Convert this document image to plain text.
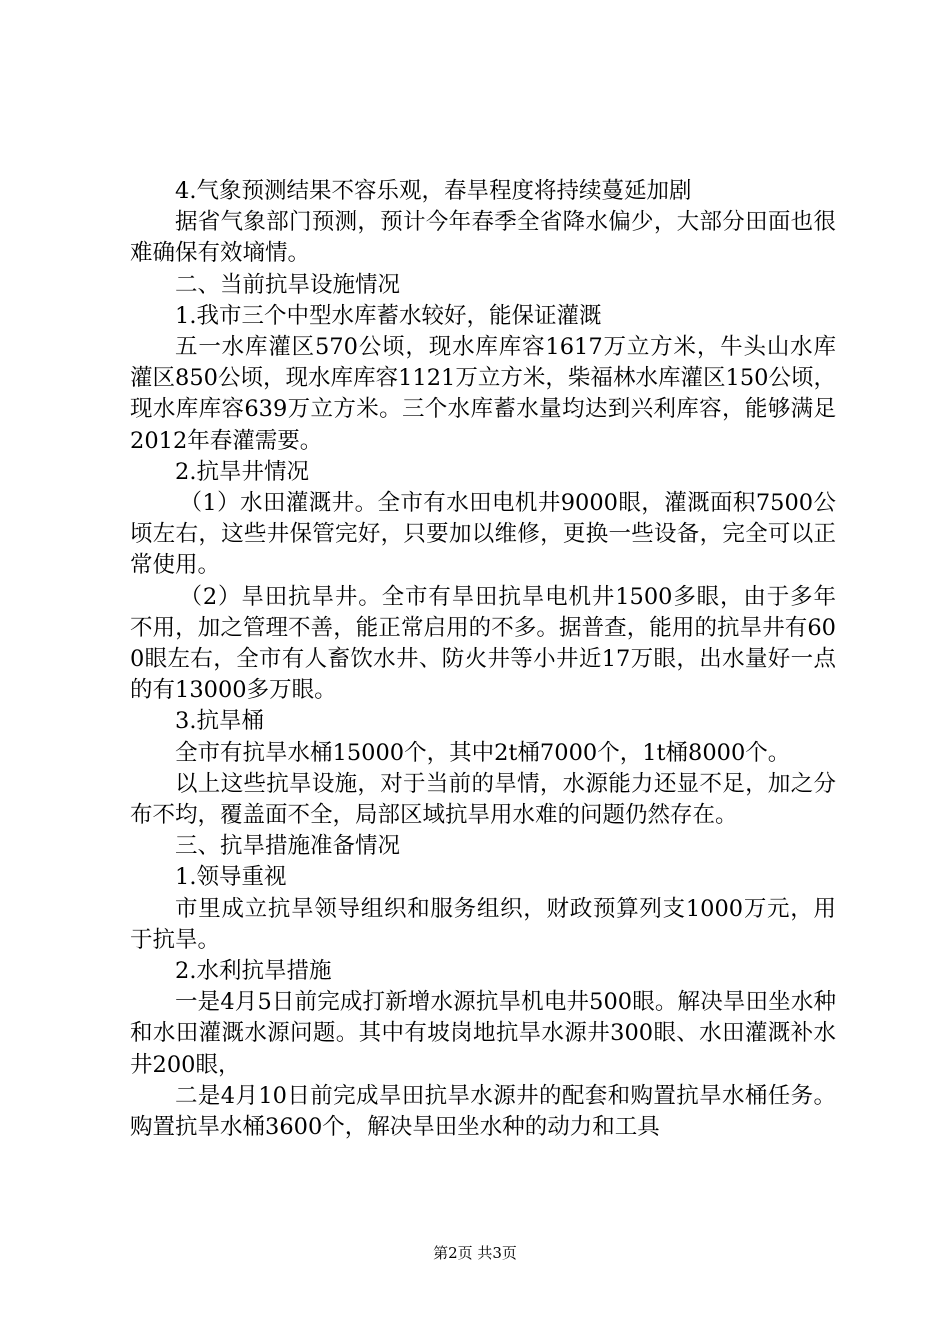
4.气象预测结果不容乐观，春旱程度将持续蔓延加剧

据省气象部门预测，预计今年春季全省降水偏少，大部分田面也很难确保有效墒情。

二、当前抗旱设施情况

1.我市三个中型水库蓄水较好，能保证灌溉

五一水库灌区570公顷，现水库库容1617万立方米，牛头山水库灌区850公顷，现水库库容1121万立方米，柴福林水库灌区150公顷，现水库库容639万立方米。三个水库蓄水量均达到兴利库容，能够满足2012年春灌需要。

2.抗旱井情况

（1）水田灌溉井。全市有水田电机井9000眼，灌溉面积7500公顷左右，这些井保管完好，只要加以维修，更换一些设备，完全可以正常使用。

（2）旱田抗旱井。全市有旱田抗旱电机井1500多眼，由于多年不用，加之管理不善，能正常启用的不多。据普查，能用的抗旱井有600眼左右，全市有人畜饮水井、防火井等小井近17万眼，出水量好一点的有13000多万眼。

3.抗旱桶

全市有抗旱水桶15000个，其中2t桶7000个，1t桶8000个。

以上这些抗旱设施，对于当前的旱情，水源能力还显不足，加之分布不均，覆盖面不全，局部区域抗旱用水难的问题仍然存在。

三、抗旱措施准备情况

1.领导重视

市里成立抗旱领导组织和服务组织，财政预算列支1000万元，用于抗旱。

2.水利抗旱措施

一是4月5日前完成打新增水源抗旱机电井500眼。解决旱田坐水种和水田灌溉水源问题。其中有坡岗地抗旱水源井300眼、水田灌溉补水井200眼，

二是4月10日前完成旱田抗旱水源井的配套和购置抗旱水桶任务。购置抗旱水桶3600个，解决旱田坐水种的动力和工具

第2页 共3页
